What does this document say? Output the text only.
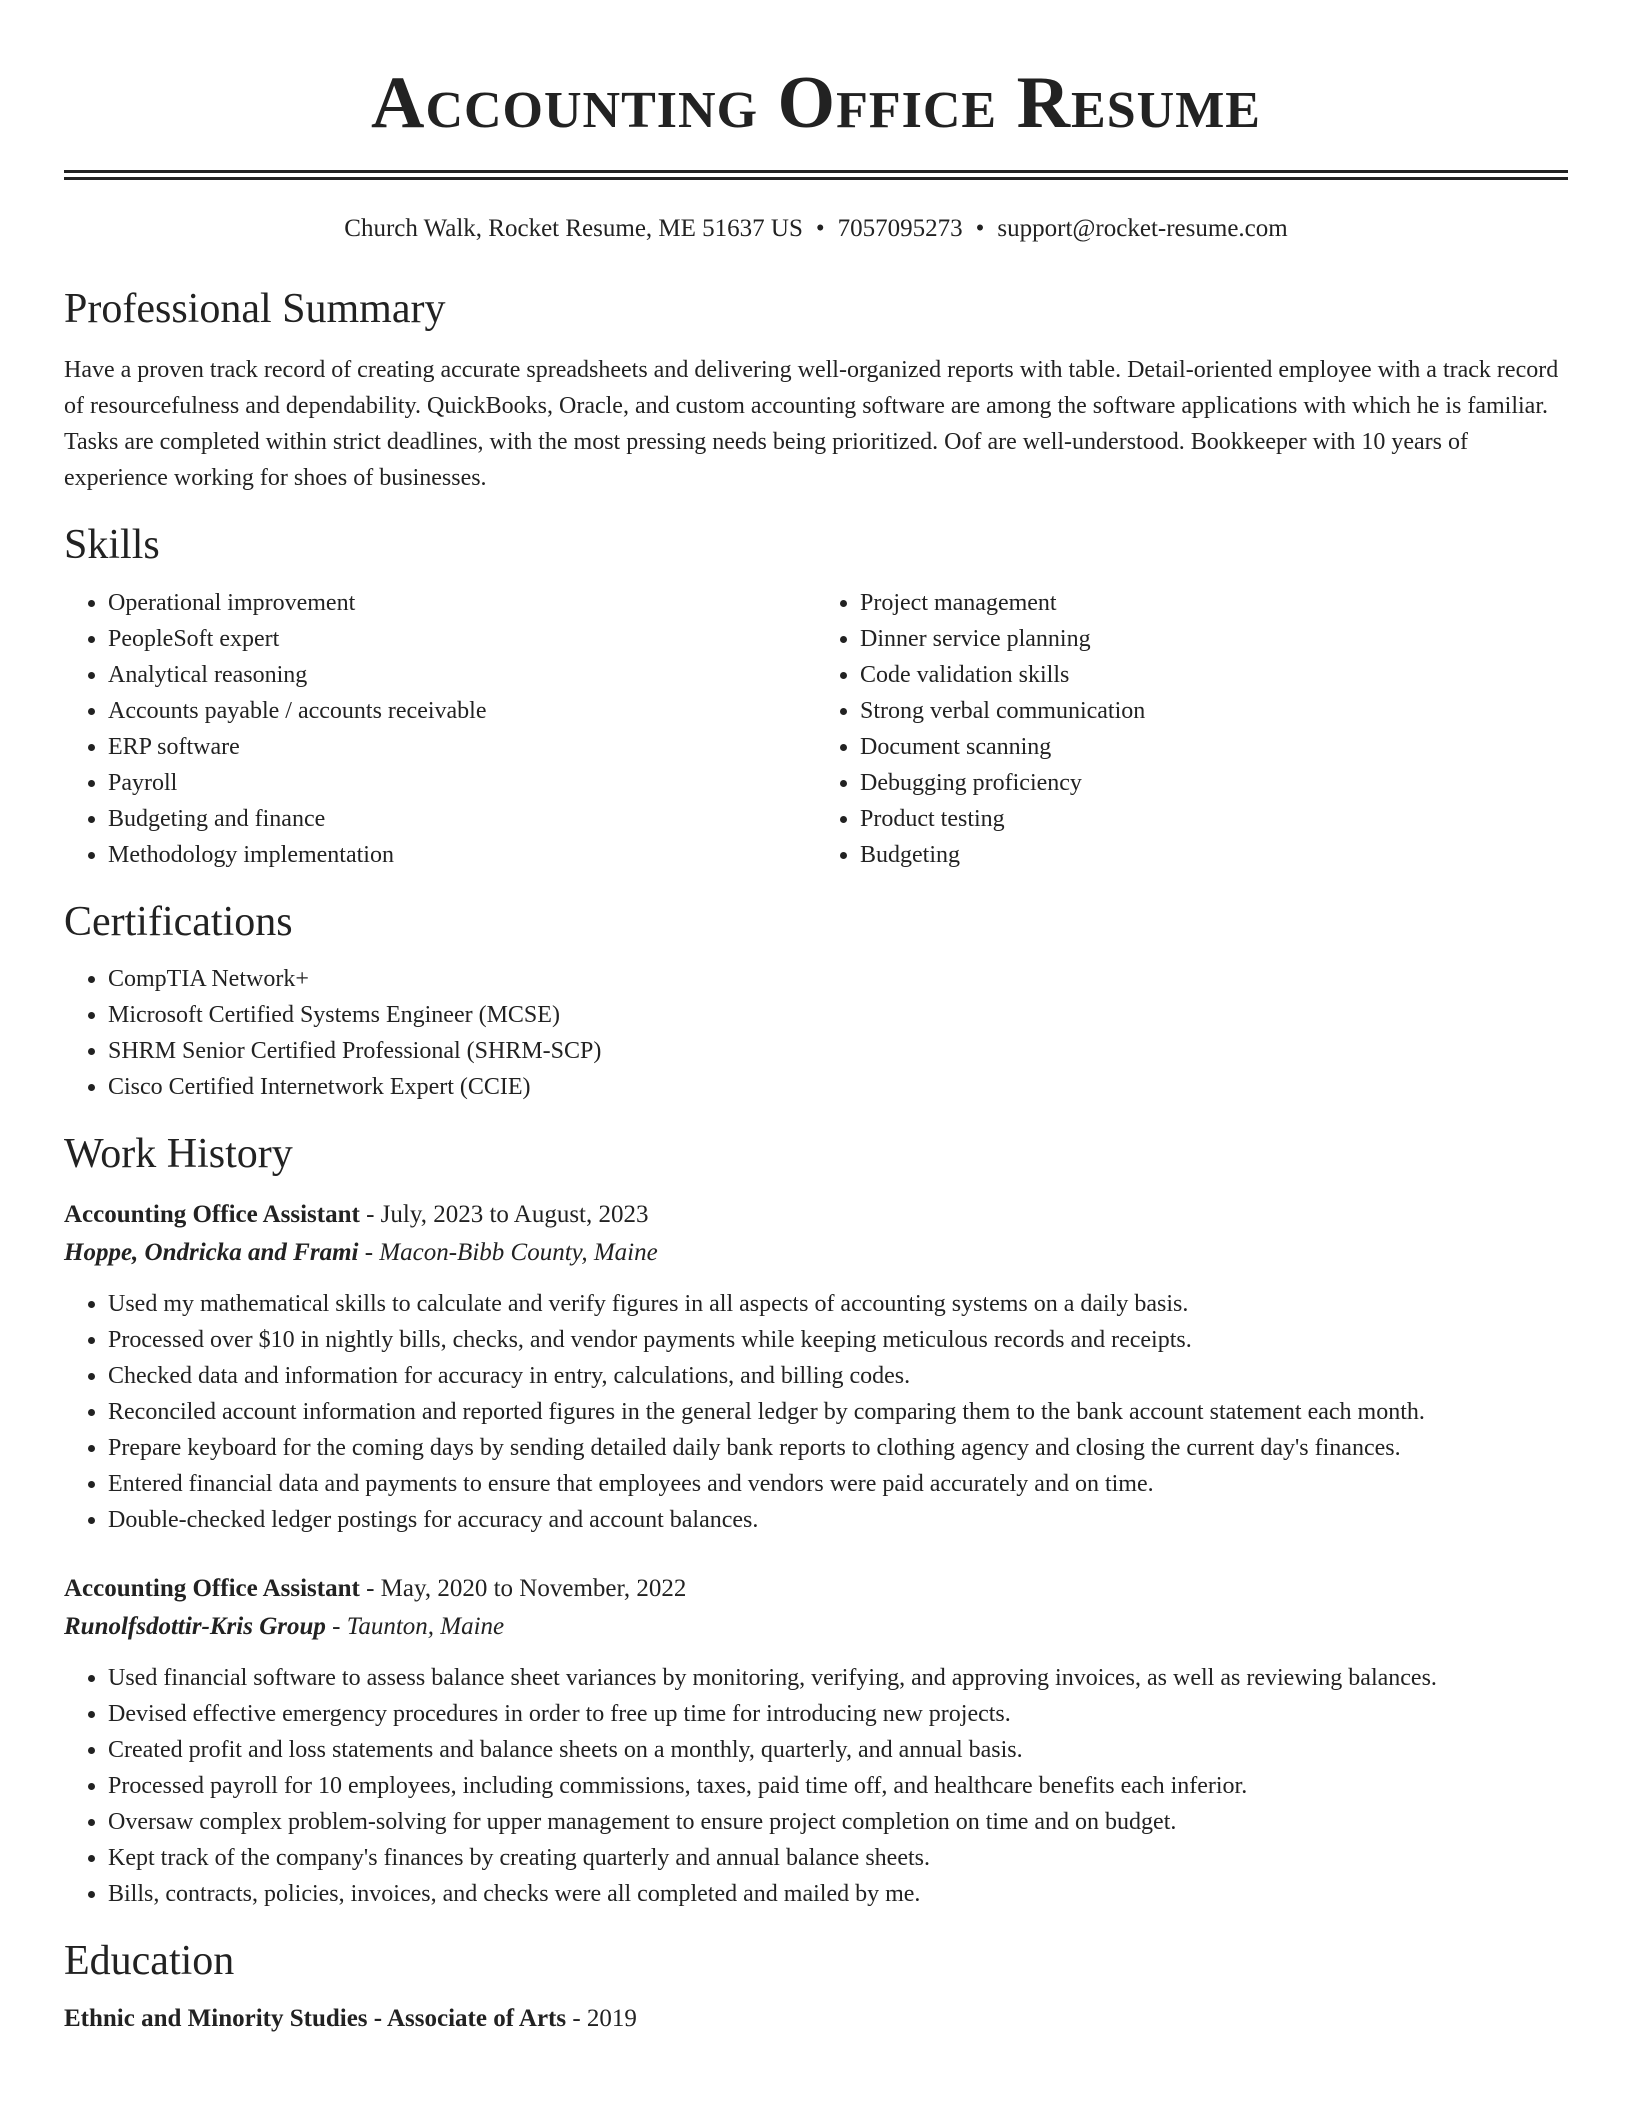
Accounting Office Resume
Church Walk, Rocket Resume, ME 51637 US • 7057095273 • support@rocket-resume.com
Professional Summary

Have a proven track record of creating accurate spreadsheets and delivering well-organized reports with table. Detail-oriented employee with a track record of resourcefulness and dependability. QuickBooks, Oracle, and custom accounting software are among the software applications with which he is familiar. Tasks are completed within strict deadlines, with the most pressing needs being prioritized. Oof are well-understood. Bookkeeper with 10 years of experience working for shoes of businesses.

Skills
• Operational improvement
• PeopleSoft expert
• Analytical reasoning
• Accounts payable / accounts receivable
• ERP software
• Payroll
• Budgeting and finance
• Methodology implementation
• Project management
• Dinner service planning
• Code validation skills
• Strong verbal communication
• Document scanning
• Debugging proficiency
• Product testing
• Budgeting
Certifications
• CompTIA Network+
• Microsoft Certified Systems Engineer (MCSE)
• SHRM Senior Certified Professional (SHRM-SCP)
• Cisco Certified Internetwork Expert (CCIE)
Work History

Accounting Office Assistant - July, 2023 to August, 2023

Hoppe, Ondricka and Frami - Macon-Bibb County, Maine

• Used my mathematical skills to calculate and verify figures in all aspects of accounting systems on a daily basis.
• Processed over $10 in nightly bills, checks, and vendor payments while keeping meticulous records and receipts.
• Checked data and information for accuracy in entry, calculations, and billing codes.
• Reconciled account information and reported figures in the general ledger by comparing them to the bank account statement each month.
• Prepare keyboard for the coming days by sending detailed daily bank reports to clothing agency and closing the current day's finances.
• Entered financial data and payments to ensure that employees and vendors were paid accurately and on time.
• Double-checked ledger postings for accuracy and account balances.

Accounting Office Assistant - May, 2020 to November, 2022

Runolfsdottir-Kris Group - Taunton, Maine

• Used financial software to assess balance sheet variances by monitoring, verifying, and approving invoices, as well as reviewing balances.
• Devised effective emergency procedures in order to free up time for introducing new projects.
• Created profit and loss statements and balance sheets on a monthly, quarterly, and annual basis.
• Processed payroll for 10 employees, including commissions, taxes, paid time off, and healthcare benefits each inferior.
• Oversaw complex problem-solving for upper management to ensure project completion on time and on budget.
• Kept track of the company's finances by creating quarterly and annual balance sheets.
• Bills, contracts, policies, invoices, and checks were all completed and mailed by me.
Education

Ethnic and Minority Studies - Associate of Arts - 2019
